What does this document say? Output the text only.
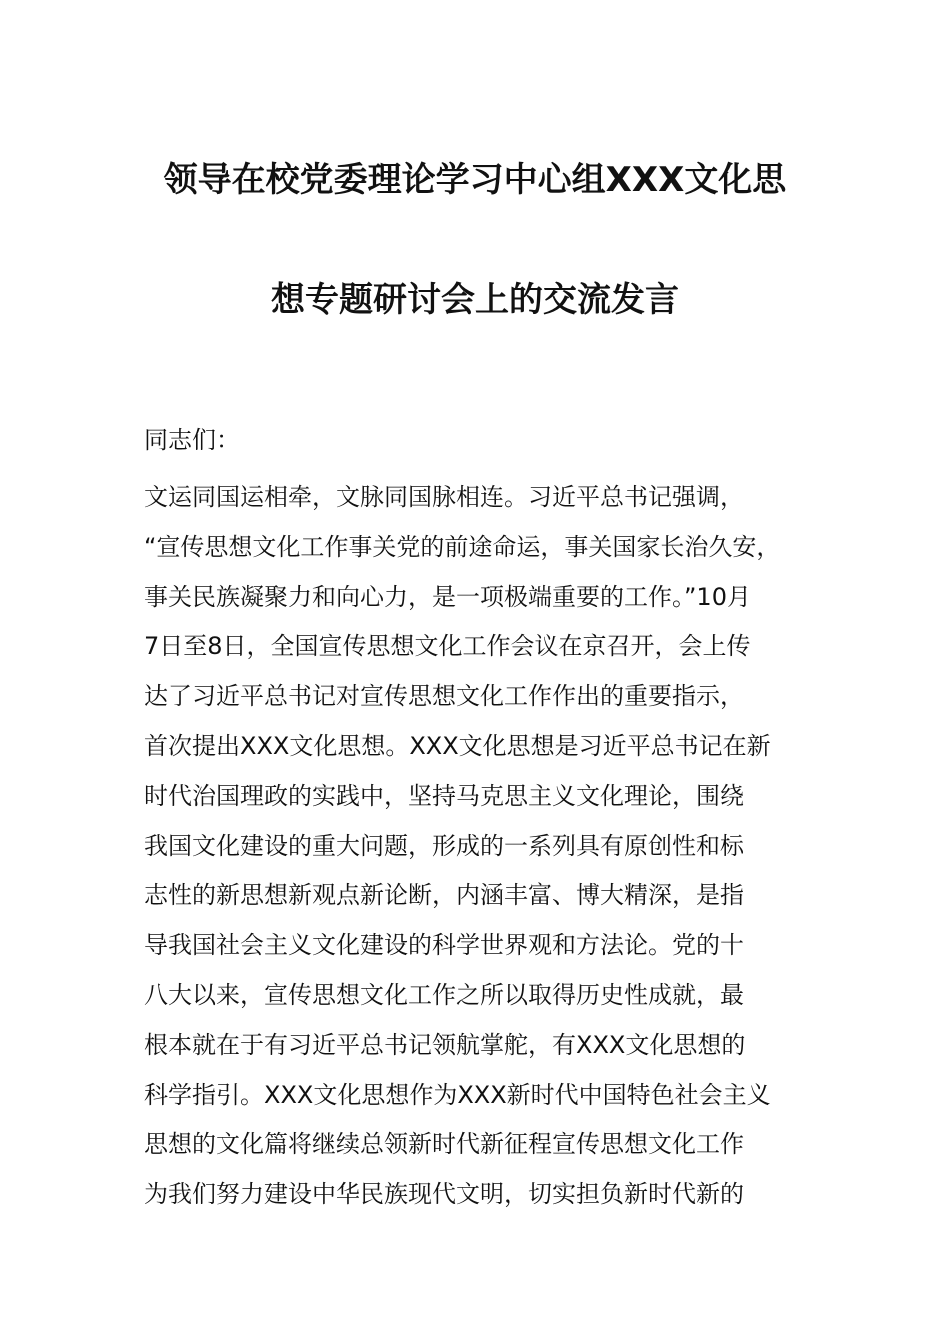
领导在校党委理论学习中心组XXX文化思
想专题研讨会上的交流发言
同志们：
文运同国运相牵，文脉同国脉相连。习近平总书记强调，
“宣传思想文化工作事关党的前途命运，事关国家长治久安，
事关民族凝聚力和向心力，是一项极端重要的工作。”10月
7日至8日，全国宣传思想文化工作会议在京召开，会上传
达了习近平总书记对宣传思想文化工作作出的重要指示，
首次提出XXX文化思想。XXX文化思想是习近平总书记在新
时代治国理政的实践中，坚持马克思主义文化理论，围绕
我国文化建设的重大问题，形成的一系列具有原创性和标
志性的新思想新观点新论断，内涵丰富、博大精深，是指
导我国社会主义文化建设的科学世界观和方法论。党的十
八大以来，宣传思想文化工作之所以取得历史性成就，最
根本就在于有习近平总书记领航掌舵，有XXX文化思想的
科学指引。XXX文化思想作为XXX新时代中国特色社会主义
思想的文化篇将继续总领新时代新征程宣传思想文化工作
为我们努力建设中华民族现代文明，切实担负新时代新的
